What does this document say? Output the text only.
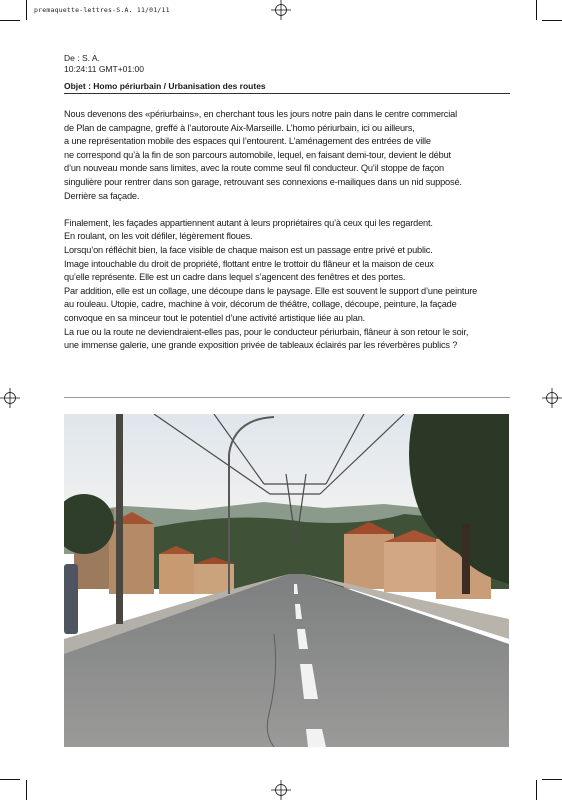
premaquette-lettres-S.A. 11/01/11
De : S. A.
10:24:11 GMT+01:00
Objet : Homo périurbain / Urbanisation des routes

Nous devenons des «périurbains», en cherchant tous les jours notre pain dans le centre commercial
de Plan de campagne, greffé à l’autoroute Aix-Marseille. L’homo périurbain, ici ou ailleurs,
a une représentation mobile des espaces qui l’entourent. L’aménagement des entrées de ville
ne correspond qu’à la fin de son parcours automobile, lequel, en faisant demi-tour, devient le début
d’un nouveau monde sans limites, avec la route comme seul fil conducteur. Qu’il stoppe de façon
singulière pour rentrer dans son garage, retrouvant ses connexions e-mailiques dans un nid supposé.
Derrière sa façade.

Finalement, les façades appartiennent autant à leurs propriétaires qu’à ceux qui les regardent.
En roulant, on les voit défiler, légèrement floues.
Lorsqu’on réfléchit bien, la face visible de chaque maison est un passage entre privé et public.
Image intouchable du droit de propriété, flottant entre le trottoir du flâneur et la maison de ceux
qu’elle représente. Elle est un cadre dans lequel s’agencent des fenêtres et des portes.
Par addition, elle est un collage, une découpe dans le paysage. Elle est souvent le support d’une peinture
au rouleau. Utopie, cadre, machine à voir, décorum de théâtre, collage, découpe, peinture, la façade
convoque en sa minceur tout le potentiel d’une activité artistique liée au plan.
La rue ou la route ne deviendraient-elles pas, pour le conducteur périurbain, flâneur à son retour le soir,
une immense galerie, une grande exposition privée de tableaux éclairés par les réverbères publics ?
